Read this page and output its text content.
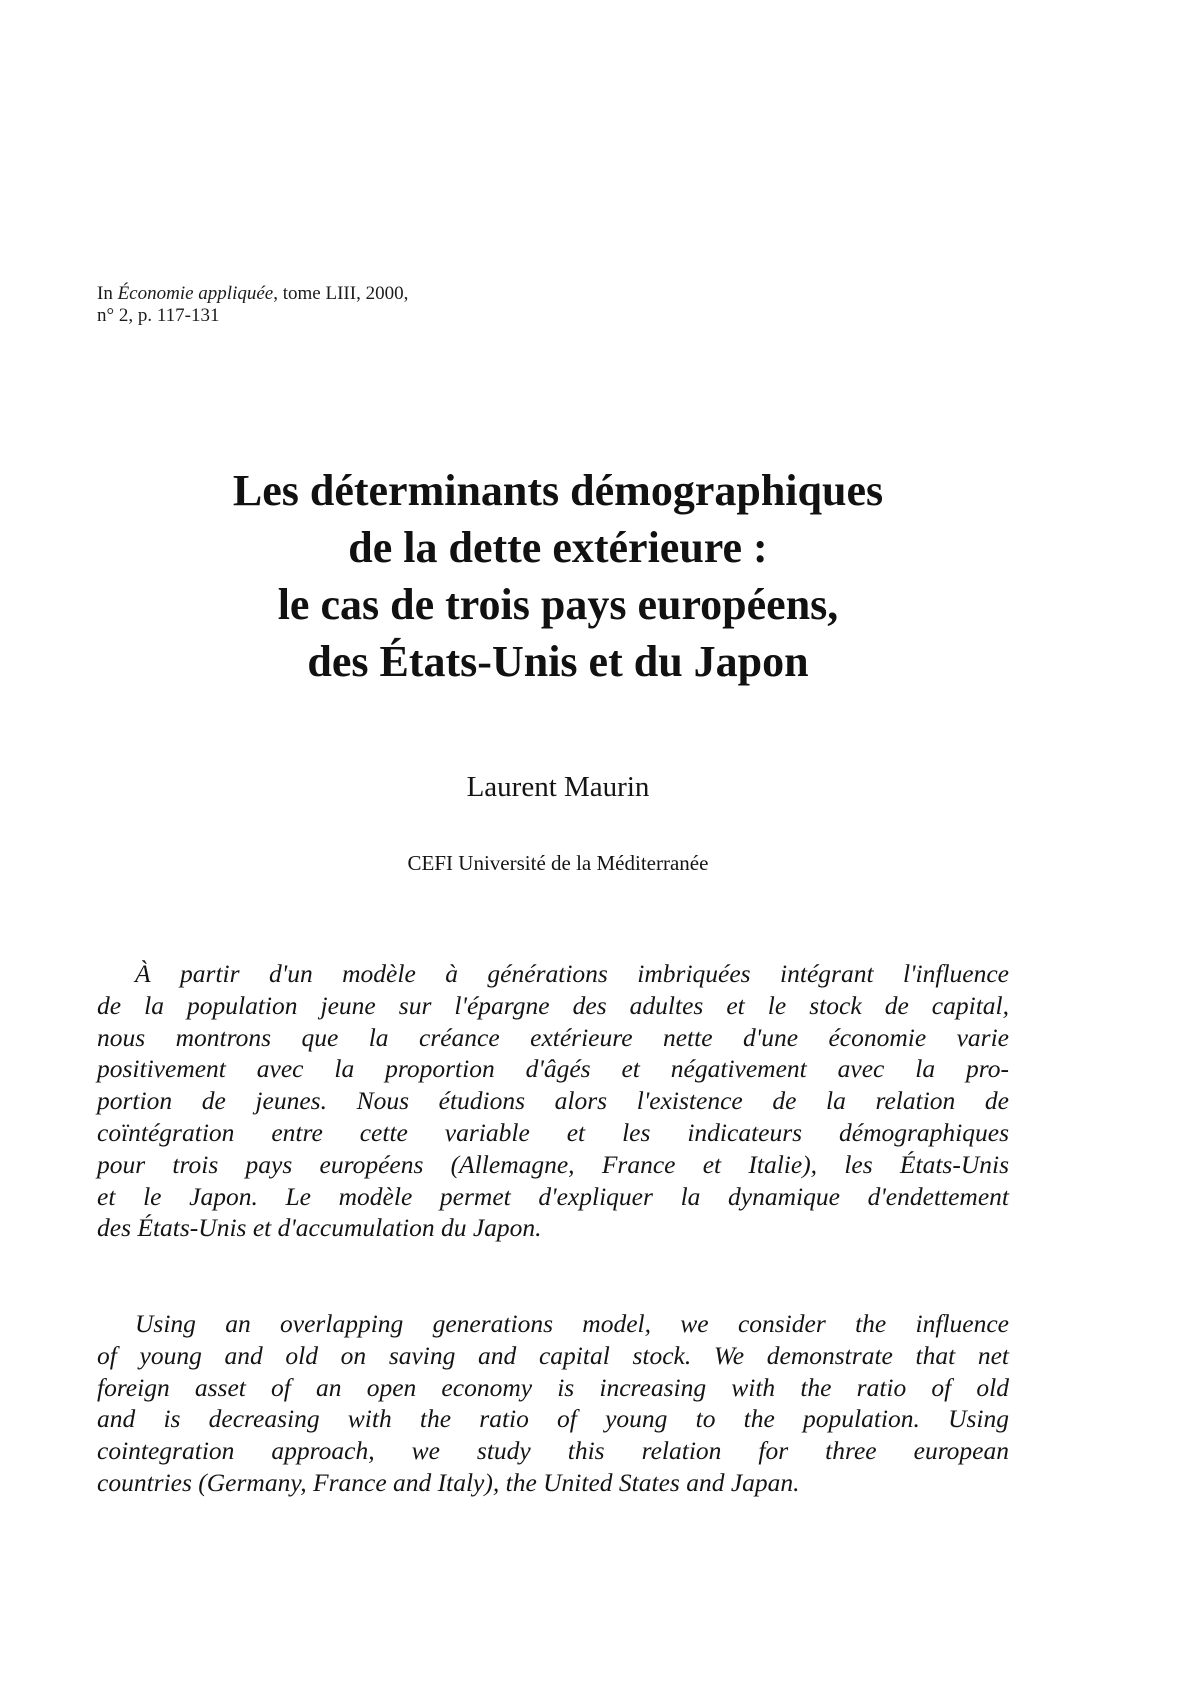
In Économie appliquée, tome LIII, 2000,
n° 2, p. 117-131
Les déterminants démographiques
de la dette extérieure :
le cas de trois pays européens,
des États-Unis et du Japon
Laurent Maurin
CEFI Université de la Méditerranée

À partir d'un modèle à générations imbriquées intégrant l'influence
de la population jeune sur l'épargne des adultes et le stock de capital,
nous montrons que la créance extérieure nette d'une économie varie
positivement avec la proportion d'âgés et négativement avec la pro-
portion de jeunes. Nous étudions alors l'existence de la relation de
coïntégration entre cette variable et les indicateurs démographiques
pour trois pays européens (Allemagne, France et Italie), les États-Unis
et le Japon. Le modèle permet d'expliquer la dynamique d'endettement
des États-Unis et d'accumulation du Japon.

Using an overlapping generations model, we consider the influence
of young and old on saving and capital stock. We demonstrate that net
foreign asset of an open economy is increasing with the ratio of old
and is decreasing with the ratio of young to the population. Using
cointegration approach, we study this relation for three european
countries (Germany, France and Italy), the United States and Japan.
